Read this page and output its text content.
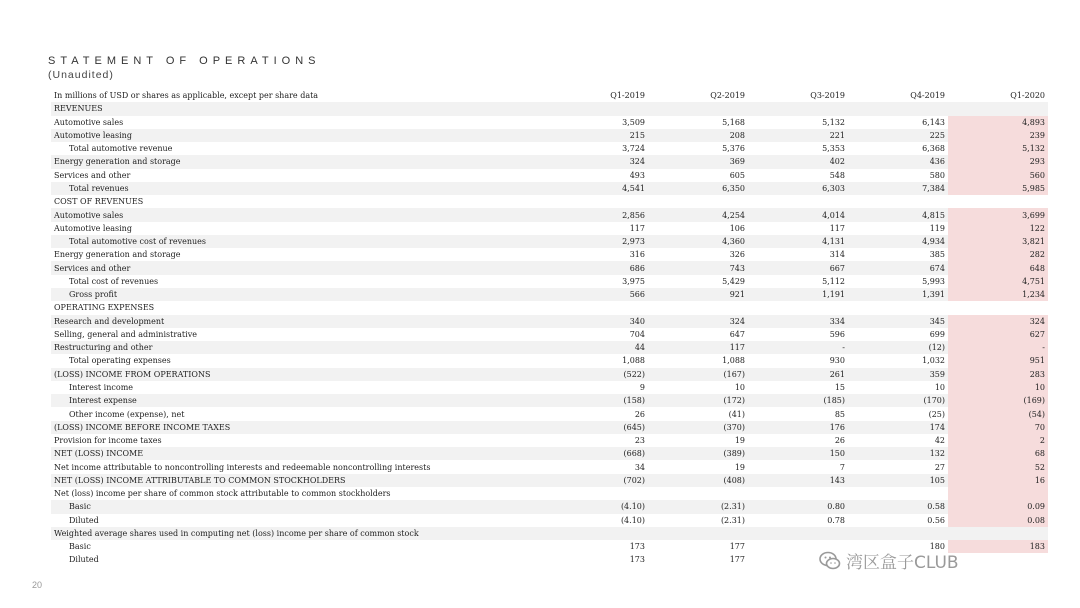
STATEMENT OF OPERATIONS
(Unaudited)
In millions of USD or shares as applicable, except per share data	Q1-2019	Q2-2019	Q3-2019	Q4-2019	Q1-2020
REVENUES					
Automotive sales	3,509	5,168	5,132	6,143	4,893
Automotive leasing	215	208	221	225	239
Total automotive revenue	3,724	5,376	5,353	6,368	5,132
Energy generation and storage	324	369	402	436	293
Services and other	493	605	548	580	560
Total revenues	4,541	6,350	6,303	7,384	5,985
COST OF REVENUES					
Automotive sales	2,856	4,254	4,014	4,815	3,699
Automotive leasing	117	106	117	119	122
Total automotive cost of revenues	2,973	4,360	4,131	4,934	3,821
Energy generation and storage	316	326	314	385	282
Services and other	686	743	667	674	648
Total cost of revenues	3,975	5,429	5,112	5,993	4,751
Gross profit	566	921	1,191	1,391	1,234
OPERATING EXPENSES					
Research and development	340	324	334	345	324
Selling, general and administrative	704	647	596	699	627
Restructuring and other	44	117	-	(12)	-
Total operating expenses	1,088	1,088	930	1,032	951
(LOSS) INCOME FROM OPERATIONS	(522)	(167)	261	359	283
Interest income	9	10	15	10	10
Interest expense	(158)	(172)	(185)	(170)	(169)
Other income (expense), net	26	(41)	85	(25)	(54)
(LOSS) INCOME BEFORE INCOME TAXES	(645)	(370)	176	174	70
Provision for income taxes	23	19	26	42	2
NET (LOSS) INCOME	(668)	(389)	150	132	68
Net income attributable to noncontrolling interests and redeemable noncontrolling interests	34	19	7	27	52
NET (LOSS) INCOME ATTRIBUTABLE TO COMMON STOCKHOLDERS	(702)	(408)	143	105	16
Net (loss) income per share of common stock attributable to common stockholders					
Basic	(4.10)	(2.31)	0.80	0.58	0.09
Diluted	(4.10)	(2.31)	0.78	0.56	0.08
Weighted average shares used in computing net (loss) income per share of common stock					
Basic	173	177		180	183
Diluted	173	177				湾区盒子CLUB
20
